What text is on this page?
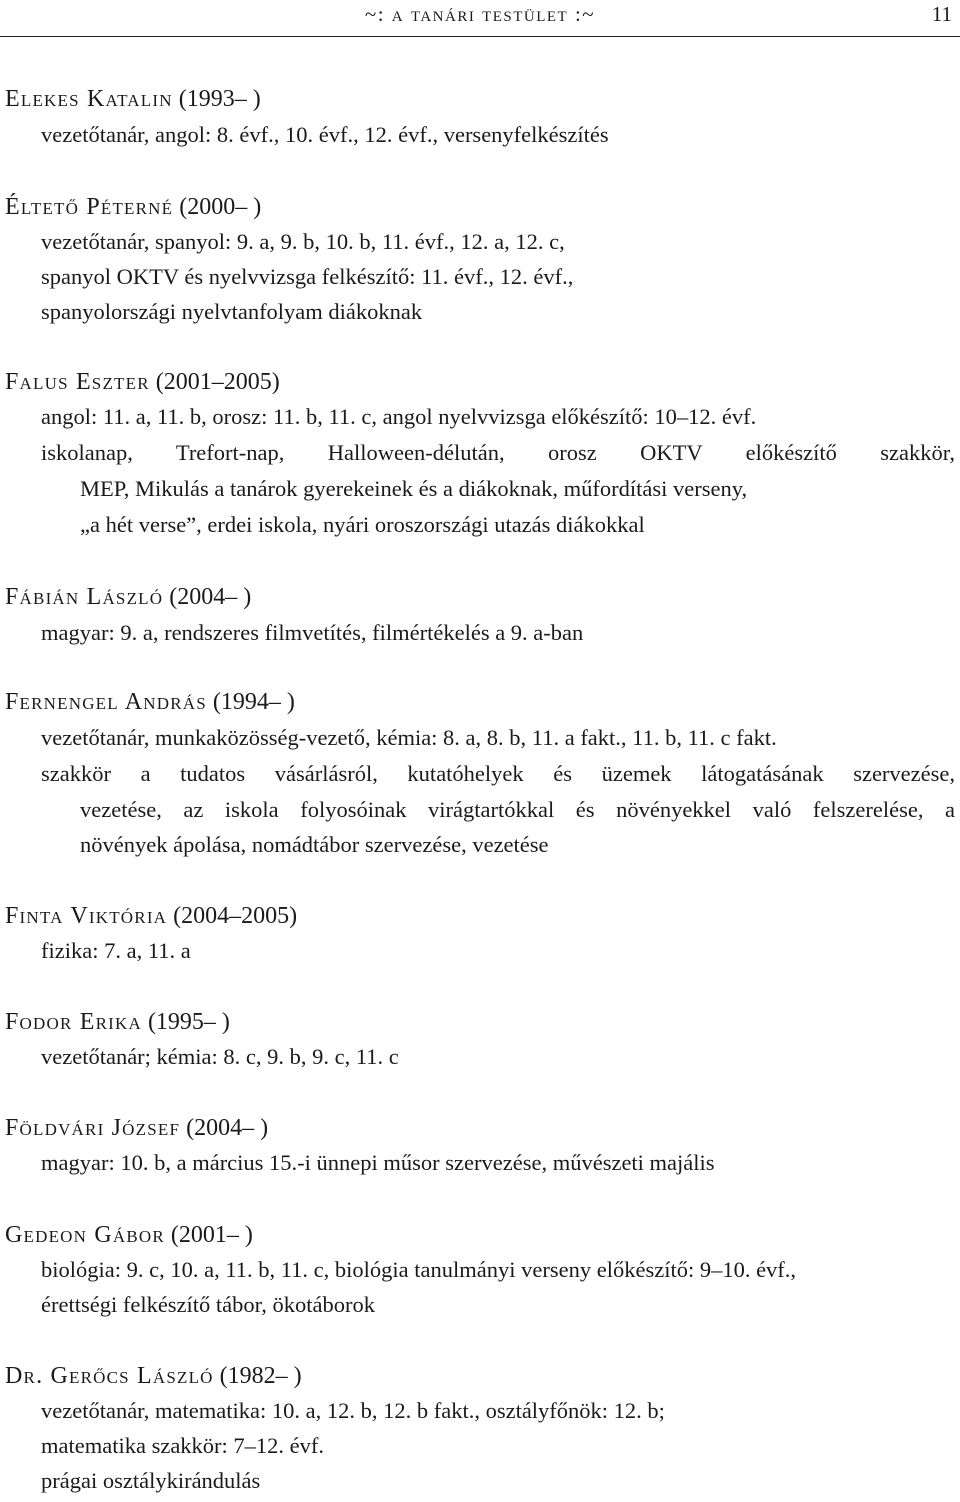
~: a tanári testület :~	11
Elekes Katalin (1993– )
vezetőtanár, angol: 8. évf., 10. évf., 12. évf., versenyfelkészítés
Éltető Péterné (2000– )
vezetőtanár, spanyol: 9. a, 9. b, 10. b, 11. évf., 12. a, 12. c,
spanyol OKTV és nyelvvizsga felkészítő: 11. évf., 12. évf.,
spanyolországi nyelvtanfolyam diákoknak
Falus Eszter (2001–2005)
angol: 11. a, 11. b, orosz: 11. b, 11. c, angol nyelvvizsga előkészítő: 10–12. évf.
iskolanap, Trefort-nap, Halloween-délután, orosz OKTV előkészítő szakkör,
MEP, Mikulás a tanárok gyerekeinek és a diákoknak, műfordítási verseny,
„a hét verse”, erdei iskola, nyári oroszországi utazás diákokkal
Fábián László (2004– )
magyar: 9. a, rendszeres filmvetítés, filmértékelés a 9. a-ban
Fernengel András (1994– )
vezetőtanár, munkaközösség-vezető, kémia: 8. a, 8. b, 11. a fakt., 11. b, 11. c fakt.
szakkör a tudatos vásárlásról, kutatóhelyek és üzemek látogatásának szervezése,
vezetése, az iskola folyosóinak virágtartókkal és növényekkel való felszerelése, a
növények ápolása, nomádtábor szervezése, vezetése
Finta Viktória (2004–2005)
fizika: 7. a, 11. a
Fodor Erika (1995– )
vezetőtanár; kémia: 8. c, 9. b, 9. c, 11. c
Földvári József (2004– )
magyar: 10. b, a március 15.-i ünnepi műsor szervezése, művészeti majális
Gedeon Gábor (2001– )
biológia: 9. c, 10. a, 11. b, 11. c, biológia tanulmányi verseny előkészítő: 9–10. évf.,
érettségi felkészítő tábor, ökotáborok
Dr. Gerőcs László (1982– )
vezetőtanár, matematika: 10. a, 12. b, 12. b fakt., osztályfőnök: 12. b;
matematika szakkör: 7–12. évf.
prágai osztálykirándulás
